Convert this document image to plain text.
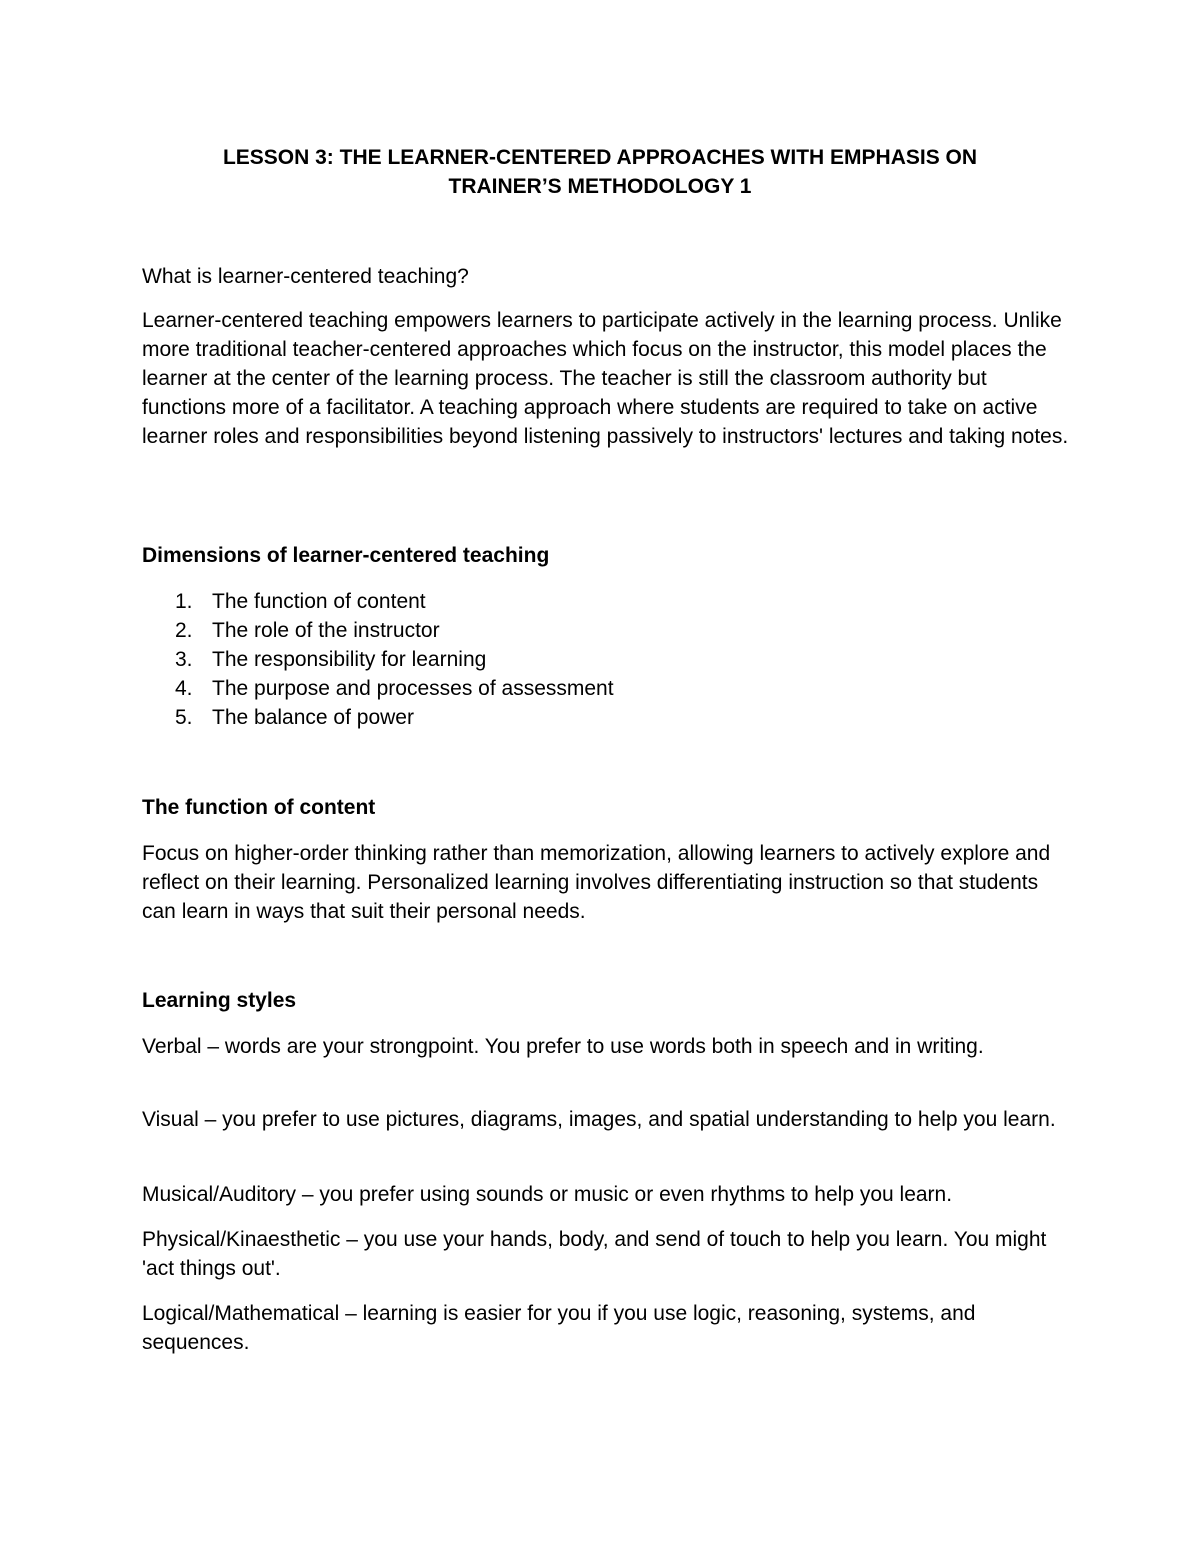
LESSON 3: THE LEARNER-CENTERED APPROACHES WITH EMPHASIS ON
TRAINER’S METHODOLOGY 1

What is learner-centered teaching?

Learner-centered teaching empowers learners to participate actively in the learning process. Unlike more traditional teacher-centered approaches which focus on the instructor, this model places the learner at the center of the learning process. The teacher is still the classroom authority but functions more of a facilitator. A teaching approach where students are required to take on active learner roles and responsibilities beyond listening passively to instructors' lectures and taking notes.

Dimensions of learner-centered teaching
1. The function of content
2. The role of the instructor
3. The responsibility for learning
4. The purpose and processes of assessment
5. The balance of power
The function of content

Focus on higher-order thinking rather than memorization, allowing learners to actively explore and reflect on their learning. Personalized learning involves differentiating instruction so that students can learn in ways that suit their personal needs.

Learning styles

Verbal – words are your strongpoint. You prefer to use words both in speech and in writing.

Visual – you prefer to use pictures, diagrams, images, and spatial understanding to help you learn.

Musical/Auditory – you prefer using sounds or music or even rhythms to help you learn.

Physical/Kinaesthetic – you use your hands, body, and send of touch to help you learn. You might 'act things out'.

Logical/Mathematical – learning is easier for you if you use logic, reasoning, systems, and sequences.
